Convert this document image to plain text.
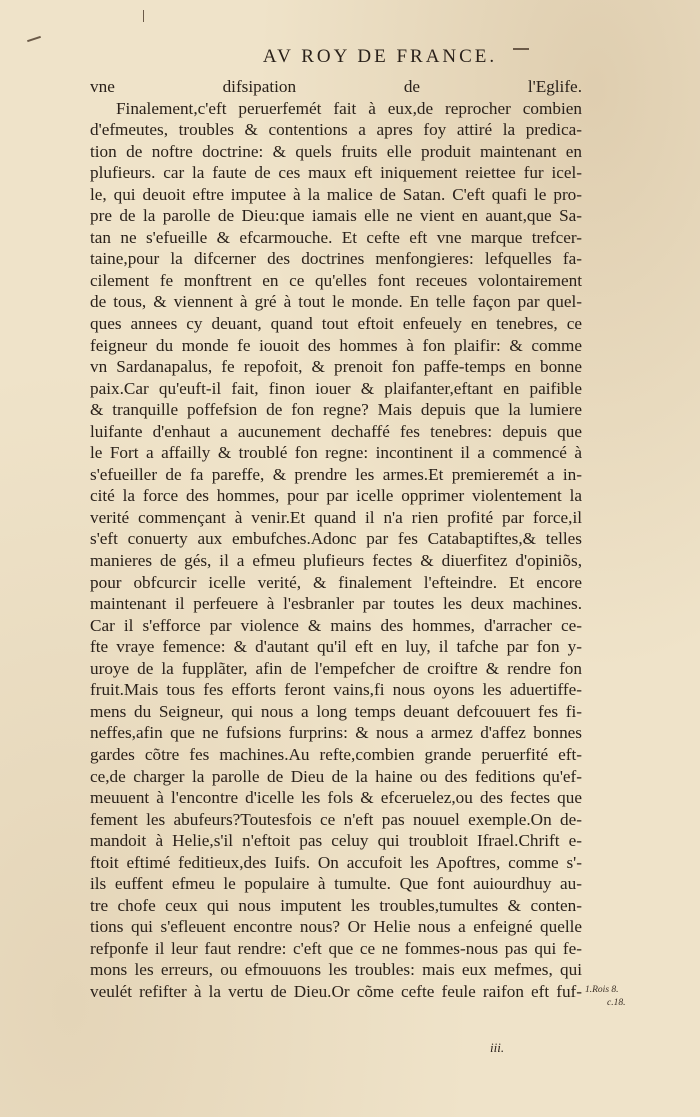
AV ROY DE FRANCE.
vne difsipation de l'Eglife.
Finalement,c'eft peruerfemét fait à eux,de reprocher combien
d'efmeutes, troubles & contentions a apres foy attiré la predica-
tion de noftre doctrine: & quels fruits elle produit maintenant en
plufieurs. car la faute de ces maux eft iniquement reiettee fur icel-
le, qui deuoit eftre imputee à la malice de Satan. C'eft quafi le pro-
pre de la parolle de Dieu:que iamais elle ne vient en auant,que Sa-
tan ne s'efueille & efcarmouche. Et cefte eft vne marque trefcer-
taine,pour la difcerner des doctrines menfongieres: lefquelles fa-
cilement fe monftrent en ce qu'elles font receues volontairement
de tous, & viennent à gré à tout le monde. En telle façon par quel-
ques annees cy deuant, quand tout eftoit enfeuely en tenebres, ce
feigneur du monde fe iouoit des hommes à fon plaifir: & comme
vn Sardanapalus, fe repofoit, & prenoit fon paffe-temps en bonne
paix.Car qu'euft-il fait, finon iouer & plaifanter,eftant en paifible
& tranquille poffefsion de fon regne? Mais depuis que la lumiere
luifante d'enhaut a aucunement dechaffé fes tenebres: depuis que
le Fort a affailly & troublé fon regne: incontinent il a commencé à
s'efueiller de fa pareffe, & prendre les armes.Et premieremét a in-
cité la force des hommes, pour par icelle opprimer violentement la
verité commençant à venir.Et quand il n'a rien profité par force,il
s'eft conuerty aux embufches.Adonc par fes Catabaptiftes,& telles
manieres de gés, il a efmeu plufieurs fectes & diuerfitez d'opiniõs,
pour obfcurcir icelle verité, & finalement l'efteindre. Et encore
maintenant il perfeuere à l'esbranler par toutes les deux machines.
Car il s'efforce par violence & mains des hommes, d'arracher ce-
fte vraye femence: & d'autant qu'il eft en luy, il tafche par fon y-
uroye de la fupplãter, afin de l'empefcher de croiftre & rendre fon
fruit.Mais tous fes efforts feront vains,fi nous oyons les aduertiffe-
mens du Seigneur, qui nous a long temps deuant defcouuert fes fi-
neffes,afin que ne fufsions furprins: & nous a armez d'affez bonnes
gardes cõtre fes machines.Au refte,combien grande peruerfité eft-
ce,de charger la parolle de Dieu de la haine ou des feditions qu'ef-
meuuent à l'encontre d'icelle les fols & efceruelez,ou des fectes que
fement les abufeurs?Toutesfois ce n'eft pas nouuel exemple.On de-
mandoit à Helie,s'il n'eftoit pas celuy qui troubloit Ifrael.Chrift e-
ftoit eftimé feditieux,des Iuifs. On accufoit les Apoftres, comme s'-
ils euffent efmeu le populaire à tumulte. Que font auiourdhuy au-
tre chofe ceux qui nous imputent les troubles,tumultes & conten-
tions qui s'efleuent encontre nous? Or Helie nous a enfeigné quelle
refponfe il leur faut rendre: c'eft que ce ne fommes-nous pas qui fe-
mons les erreurs, ou efmouuons les troubles: mais eux mefmes, qui
veulét refifter à la vertu de Dieu.Or cõme cefte feule raifon eft fuf- 1.Rois 8.
c.18.
iii.
